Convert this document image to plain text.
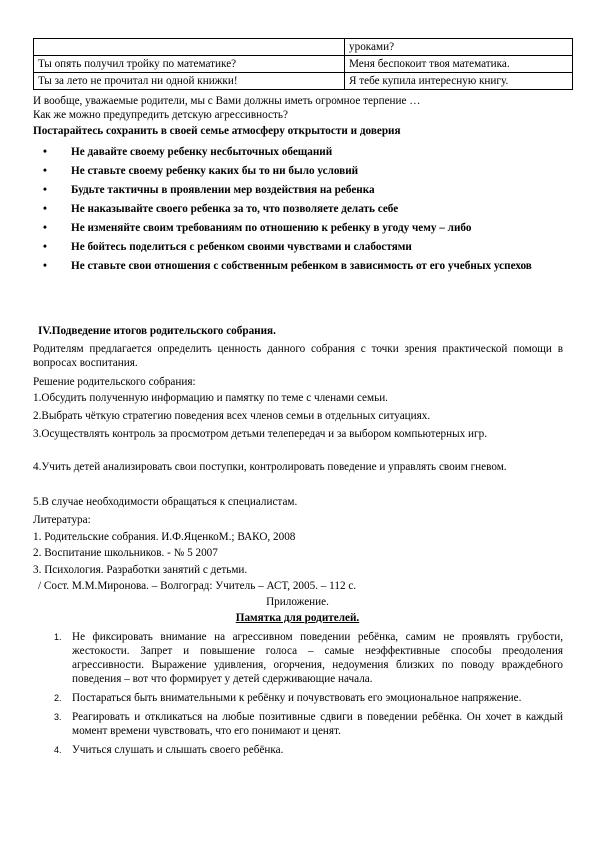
	уроками?
Ты опять получил тройку по математике?	Меня беспокоит твоя математика.
Ты за лето не прочитал ни одной книжки!	Я тебе купила интересную книгу.
И вообще, уважаемые родители, мы с Вами должны иметь огромное терпение …
Как же можно предупредить детскую агрессивность?
Постарайтесь сохранить в своей семье атмосферу открытости и доверия
• Не давайте своему ребенку несбыточных обещаний
• Не ставьте своему ребенку каких бы то ни было условий
• Будьте тактичны в проявлении мер воздействия на ребенка
• Не наказывайте своего ребенка за то, что позволяете делать себе
• Не изменяйте своим требованиям по отношению к ребенку в угоду чему – либо
• Не бойтесь поделиться с ребенком своими чувствами и слабостями
• Не ставьте свои отношения с собственным ребенком в зависимость от его учебных успехов
IV.Подведение итогов родительского собрания.
Родителям предлагается определить ценность данного собрания с точки зрения практической помощи в вопросах воспитания.
Решение родительского собрания:
1.Обсудить полученную информацию и памятку по теме с членами семьи.
2.Выбрать чёткую стратегию поведения всех членов семьи в отдельных ситуациях.
3.Осуществлять контроль за просмотром детьми телепередач и за выбором компьютерных игр.
4.Учить детей анализировать свои поступки, контролировать поведение и управлять своим гневом.
5.В случае необходимости обращаться к специалистам.
Литература:
1. Родительские собрания. И.Ф.ЯценкоМ.; ВАКО, 2008
2. Воспитание школьников. - № 5 2007
3. Психология. Разработки занятий с детьми.
/ Сост. М.М.Миронова. – Волгоград: Учитель – АСТ, 2005. – 112 с.
Приложение.
Памятка для родителей.
1. Не фиксировать внимание на агрессивном поведении ребёнка, самим не проявлять грубости, жестокости. Запрет и повышение голоса – самые неэффективные способы преодоления агрессивности. Выражение удивления, огорчения, недоумения близких по поводу враждебного поведения – вот что формирует у детей сдерживающие начала.
2. Постараться быть внимательными к ребёнку и почувствовать его эмоциональное напряжение.
3. Реагировать и откликаться на любые позитивные сдвиги в поведении ребёнка. Он хочет в каждый момент времени чувствовать, что его понимают и ценят.
4. Учиться слушать и слышать своего ребёнка.
